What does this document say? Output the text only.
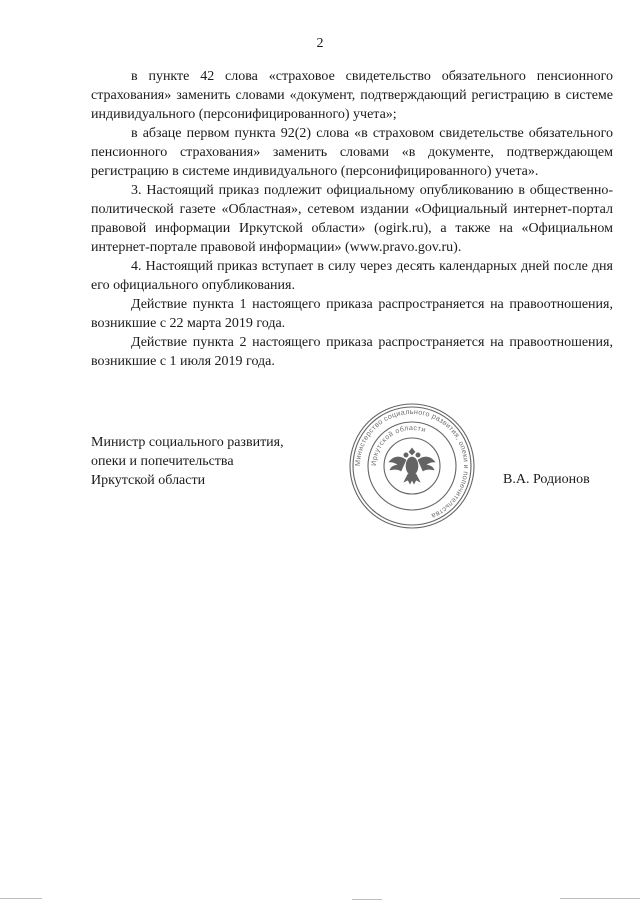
2

в пункте 42 слова «страховое свидетельство обязательного пенсионного страхования» заменить словами «документ, подтверждающий регистрацию в системе индивидуального (персонифицированного) учета»;

в абзаце первом пункта 92(2) слова «в страховом свидетельстве обязательного пенсионного страхования» заменить словами «в документе, подтверждающем регистрацию в системе индивидуального (персонифицированного) учета».

3. Настоящий приказ подлежит официальному опубликованию в общественно-политической газете «Областная», сетевом издании «Официальный интернет-портал правовой информации Иркутской области» (ogirk.ru), а также на «Официальном интернет-портале правовой информации» (www.pravo.gov.ru).

4. Настоящий приказ вступает в силу через десять календарных дней после дня его официального опубликования.

Действие пункта 1 настоящего приказа распространяется на правоотношения, возникшие с 22 марта 2019 года.

Действие пункта 2 настоящего приказа распространяется на правоотношения, возникшие с 1 июля 2019 года.

Министр социального развития,
опеки и попечительства
Иркутской области	В.А. Родионов
Министерство социального развития, опеки и попечительства
Иркутской области
